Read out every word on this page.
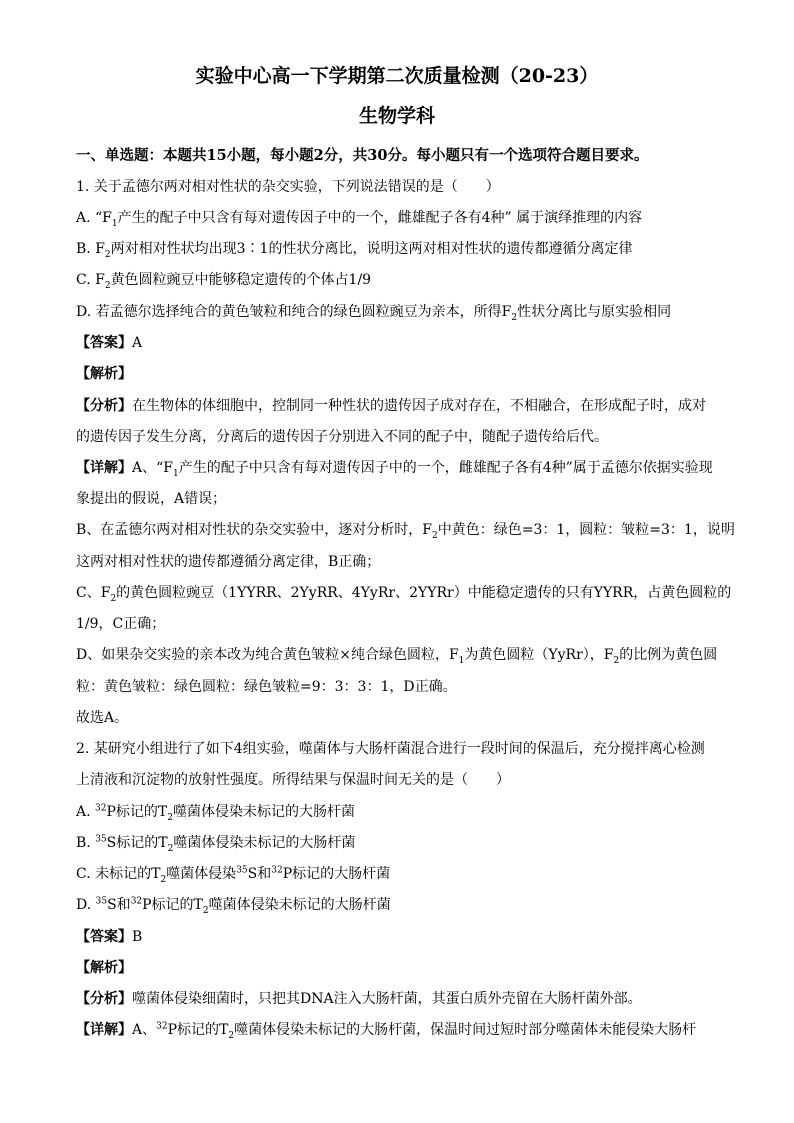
实验中心高一下学期第二次质量检测（20-23）
生物学科
一、单选题：本题共15小题，每小题2分，共30分。每小题只有一个选项符合题目要求。
1. 关于孟德尔两对相对性状的杂交实验，下列说法错误的是（　　）
A. “$F_1$产生的配子中只含有每对遗传因子中的一个，雌雄配子各有4种” 属于演绎推理的内容
B. $F_2$两对相对性状均出现3∶1的性状分离比，说明这两对相对性状的遗传都遵循分离定律
C. $F_2$黄色圆粒豌豆中能够稳定遗传的个体占1/9
D. 若孟德尔选择纯合的黄色皱粒和纯合的绿色圆粒豌豆为亲本，所得$F_2$性状分离比与原实验相同
【答案】A
【解析】
【分析】在生物体的体细胞中，控制同一种性状的遗传因子成对存在，不相融合，在形成配子时，成对
的遗传因子发生分离，分离后的遗传因子分别进入不同的配子中，随配子遗传给后代。
【详解】A、“$F_1$产生的配子中只含有每对遗传因子中的一个，雌雄配子各有4种”属于孟德尔依据实验现
象提出的假说，A错误；
B、在孟德尔两对相对性状的杂交实验中，逐对分析时，$F_2$中黄色：绿色=3：1，圆粒：皱粒=3：1，说明
这两对相对性状的遗传都遵循分离定律，B正确；
C、$F_2$的黄色圆粒豌豆（1YYRR、2YyRR、4YyRr、2YYRr）中能稳定遗传的只有YYRR，占黄色圆粒的
1/9，C正确；
D、如果杂交实验的亲本改为纯合黄色皱粒×纯合绿色圆粒，$F_1$为黄色圆粒（YyRr），$F_2$的比例为黄色圆
粒：黄色皱粒：绿色圆粒：绿色皱粒=9：3：3：1，D正确。
故选A。
2. 某研究小组进行了如下4组实验，噬菌体与大肠杆菌混合进行一段时间的保温后，充分搅拌离心检测
上清液和沉淀物的放射性强度。所得结果与保温时间无关的是（　　）
A. $^{32}$P标记的$T_2$噬菌体侵染未标记的大肠杆菌
B. $^{35}$S标记的$T_2$噬菌体侵染未标记的大肠杆菌
C. 未标记的$T_2$噬菌体侵染$^{35}$S和$^{32}$P标记的大肠杆菌
D. $^{35}$S和$^{32}$P标记的$T_2$噬菌体侵染未标记的大肠杆菌
【答案】B
【解析】
【分析】噬菌体侵染细菌时，只把其DNA注入大肠杆菌，其蛋白质外壳留在大肠杆菌外部。
【详解】A、$^{32}$P标记的$T_2$噬菌体侵染未标记的大肠杆菌，保温时间过短时部分噬菌体未能侵染大肠杆
